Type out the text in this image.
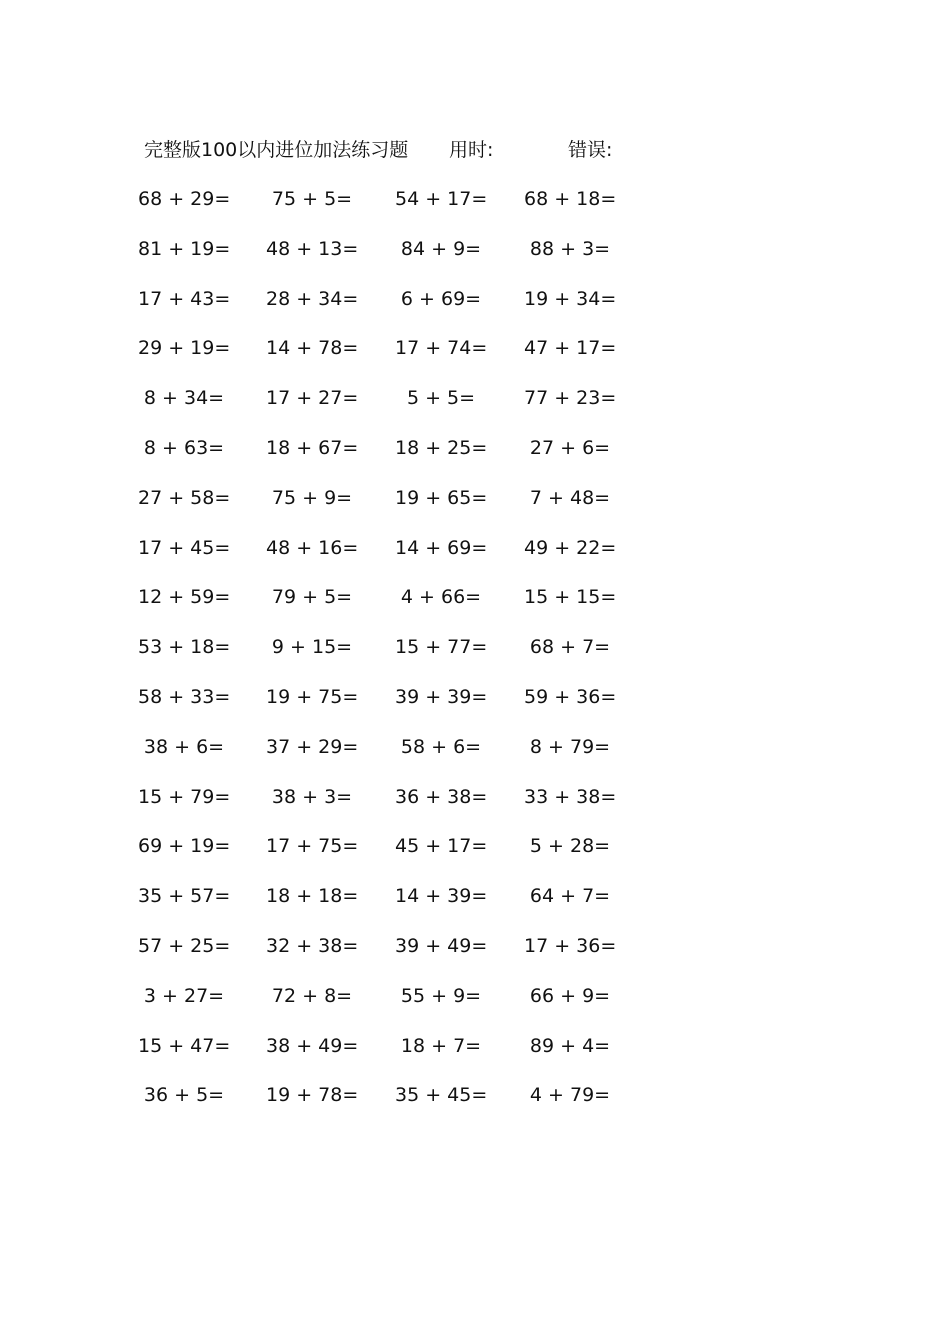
完整版100以内进位加法练习题 用时:	错误:
68 + 29=	75 + 5=	54 + 17= 68 + 18=
81 + 19= 48 + 13=	84 + 9=	88 + 3=
17 + 43= 28 + 34=	6 + 69=	19 + 34=
29 + 19= 14 + 78= 17 + 74= 47 + 17=
8 + 34=	17 + 27=	5 + 5=	77 + 23=
8 + 63=	18 + 67= 18 + 25=	27 + 6=
27 + 58=	75 + 9=	19 + 65=	7 + 48=
17 + 45= 48 + 16= 14 + 69= 49 + 22=
12 + 59=	79 + 5=	4 + 66=	15 + 15=
53 + 18=	9 + 15=	15 + 77=	68 + 7=
58 + 33= 19 + 75= 39 + 39= 59 + 36=
38 + 6=	37 + 29=	58 + 6=	8 + 79=
15 + 79=	38 + 3=	36 + 38= 33 + 38=
69 + 19= 17 + 75= 45 + 17=	5 + 28=
35 + 57= 18 + 18= 14 + 39=	64 + 7=
57 + 25= 32 + 38= 39 + 49= 17 + 36=
3 + 27=	72 + 8=	55 + 9=	66 + 9=
15 + 47= 38 + 49=	18 + 7=	89 + 4=
36 + 5=	19 + 78= 35 + 45=	4 + 79=
